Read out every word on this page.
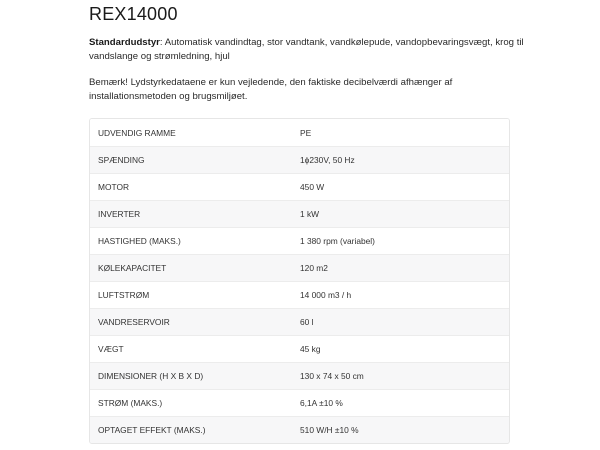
REX14000
Standardudstyr: Automatisk vandindtag, stor vandtank, vandkølepude, vandopbevaringsvægt, krog til vandslange og strømledning, hjul
Bemærk! Lydstyrkedataene er kun vejledende, den faktiske decibelværdi afhænger af installationsmetoden og brugsmiljøet.
UDVENDIG RAMME	PE
SPÆNDING	1ϕ230V, 50 Hz
MOTOR	450 W
INVERTER	1 kW
HASTIGHED (MAKS.)	1 380 rpm (variabel)
KØLEKAPACITET	120 m2
LUFTSTRØM	14 000 m3 / h
VANDRESERVOIR	60 l
VÆGT	45 kg
DIMENSIONER (H X B X D)	130 x 74 x 50 cm
STRØM (MAKS.)	6,1A ±10 %
OPTAGET EFFEKT (MAKS.)	510 W/H ±10 %
